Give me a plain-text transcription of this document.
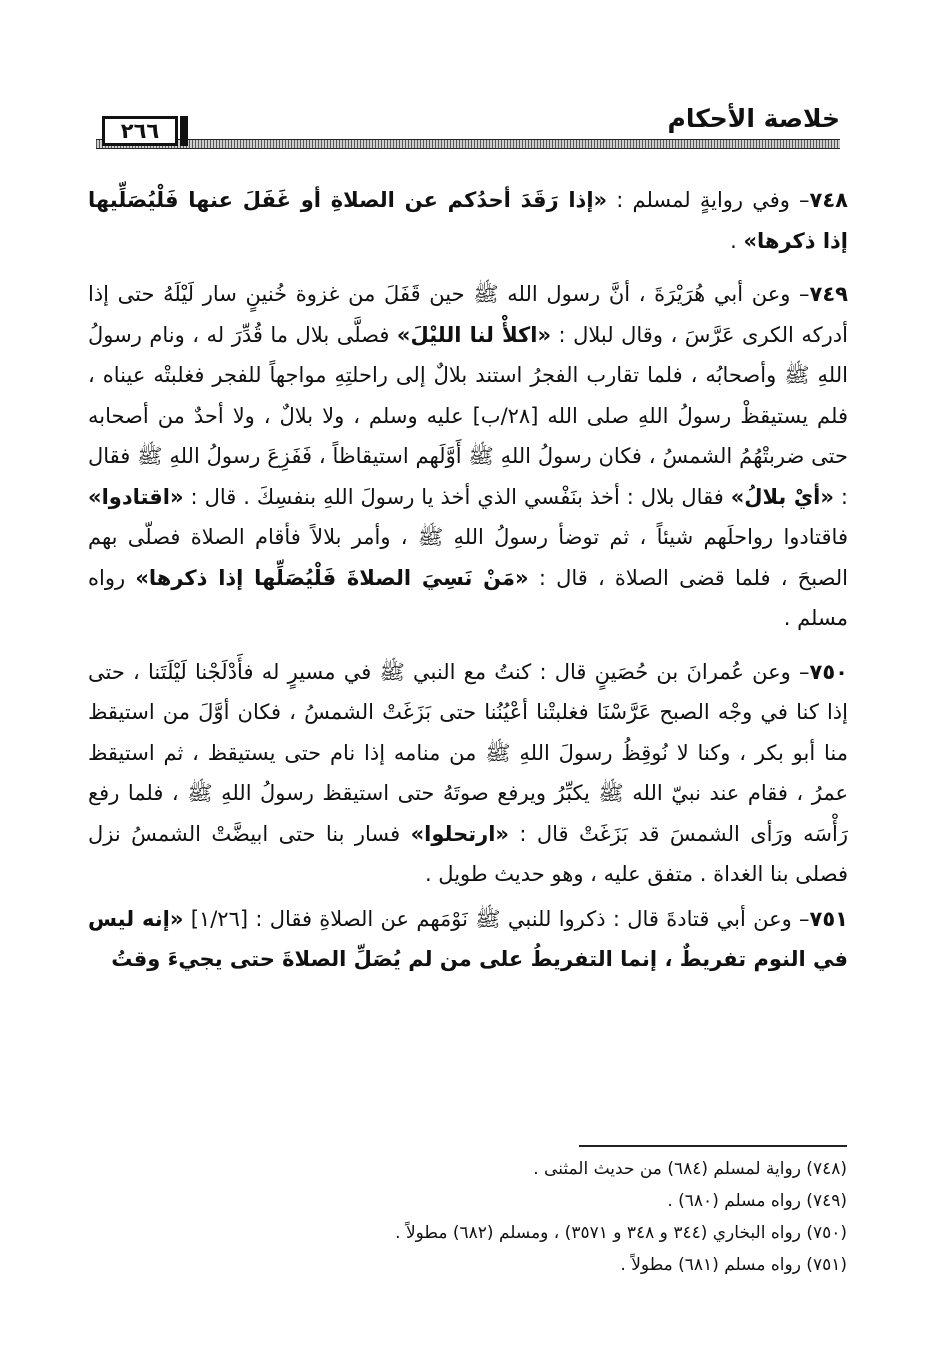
خلاصة الأحكام
٢٦٦

٧٤٨– وفي روايةٍ لمسلم : «إذا رَقَدَ أحدُكم عن الصلاةِ أو غَفَلَ عنها فَلْيُصَلِّيها إذا ذكرها» .

٧٤٩– وعن أبي هُرَيْرَةَ ، أنَّ رسول الله ﷺ حين قَفَلَ من غزوة خُنينٍ سار لَيْلَهُ حتى إذا أدركه الكرى عَرَّسَ ، وقال لبلال : «اكلأْ لنا الليْلَ» فصلَّى بلال ما قُدِّرَ له ، ونام رسولُ اللهِ ﷺ وأصحابُه ، فلما تقارب الفجرُ استند بلالٌ إلى راحلتِهِ مواجهاً للفجر فغلبتْه عيناه ، فلم يستيقظْ رسولُ اللهِ صلى الله [٢٨/ب] عليه وسلم ، ولا بلالٌ ، ولا أحدٌ من أصحابه حتى ضربتْهُمُ الشمسُ ، فكان رسولُ اللهِ ﷺ أَوَّلَهم استيقاظاً ، فَفَزِعَ رسولُ اللهِ ﷺ فقال : «أيْ بلالُ» فقال بلال : أخذ بنَفْسي الذي أخذ يا رسولَ اللهِ بنفسِكَ . قال : «اقتادوا» فاقتادوا رواحلَهم شيئاً ، ثم توضأ رسولُ اللهِ ﷺ ، وأمر بلالاً فأقام الصلاة فصلّى بهم الصبحَ ، فلما قضى الصلاة ، قال : «مَنْ نَسِيَ الصلاةَ فَلْيُصَلِّها إذا ذكرها» رواه مسلم .

٧٥٠– وعن عُمرانَ بن حُصَينٍ قال : كنتُ مع النبي ﷺ في مسيرٍ له فأَدْلَجْنا لَيْلَتَنا ، حتى إذا كنا في وجْه الصبح عَرَّسْنَا فغلبتْنا أعْيُنُنا حتى بَزَغَتْ الشمسُ ، فكان أوَّلَ من استيقظ منا أبو بكر ، وكنا لا نُوقِظُ رسولَ اللهِ ﷺ من منامه إذا نام حتى يستيقظ ، ثم استيقظ عمرُ ، فقام عند نبيّ الله ﷺ يكبِّرُ ويرفع صوتَهُ حتى استيقظ رسولُ اللهِ ﷺ ، فلما رفع رَأْسَه ورَأى الشمسَ قد بَزَغَتْ قال : «ارتحلوا» فسار بنا حتى ابيضَّتْ الشمسُ نزل فصلى بنا الغداة . متفق عليه ، وهو حديث طويل .

٧٥١– وعن أبي قتادةَ قال : ذكروا للنبي ﷺ نَوْمَهم عن الصلاةِ فقال : [١/٢٦] «إنه ليس في النوم تفريطٌ ، إنما التفريطُ على من لم يُصَلِّ الصلاةَ حتى يجيءَ وقتُ

(٧٤٨) رواية لمسلم (٦٨٤) من حديث المثنى .
(٧٤٩) رواه مسلم (٦٨٠) .
(٧٥٠) رواه البخاري (٣٤٤ و ٣٤٨ و ٣٥٧١) ، ومسلم (٦٨٢) مطولاً .
(٧٥١) رواه مسلم (٦٨١) مطولاً .
